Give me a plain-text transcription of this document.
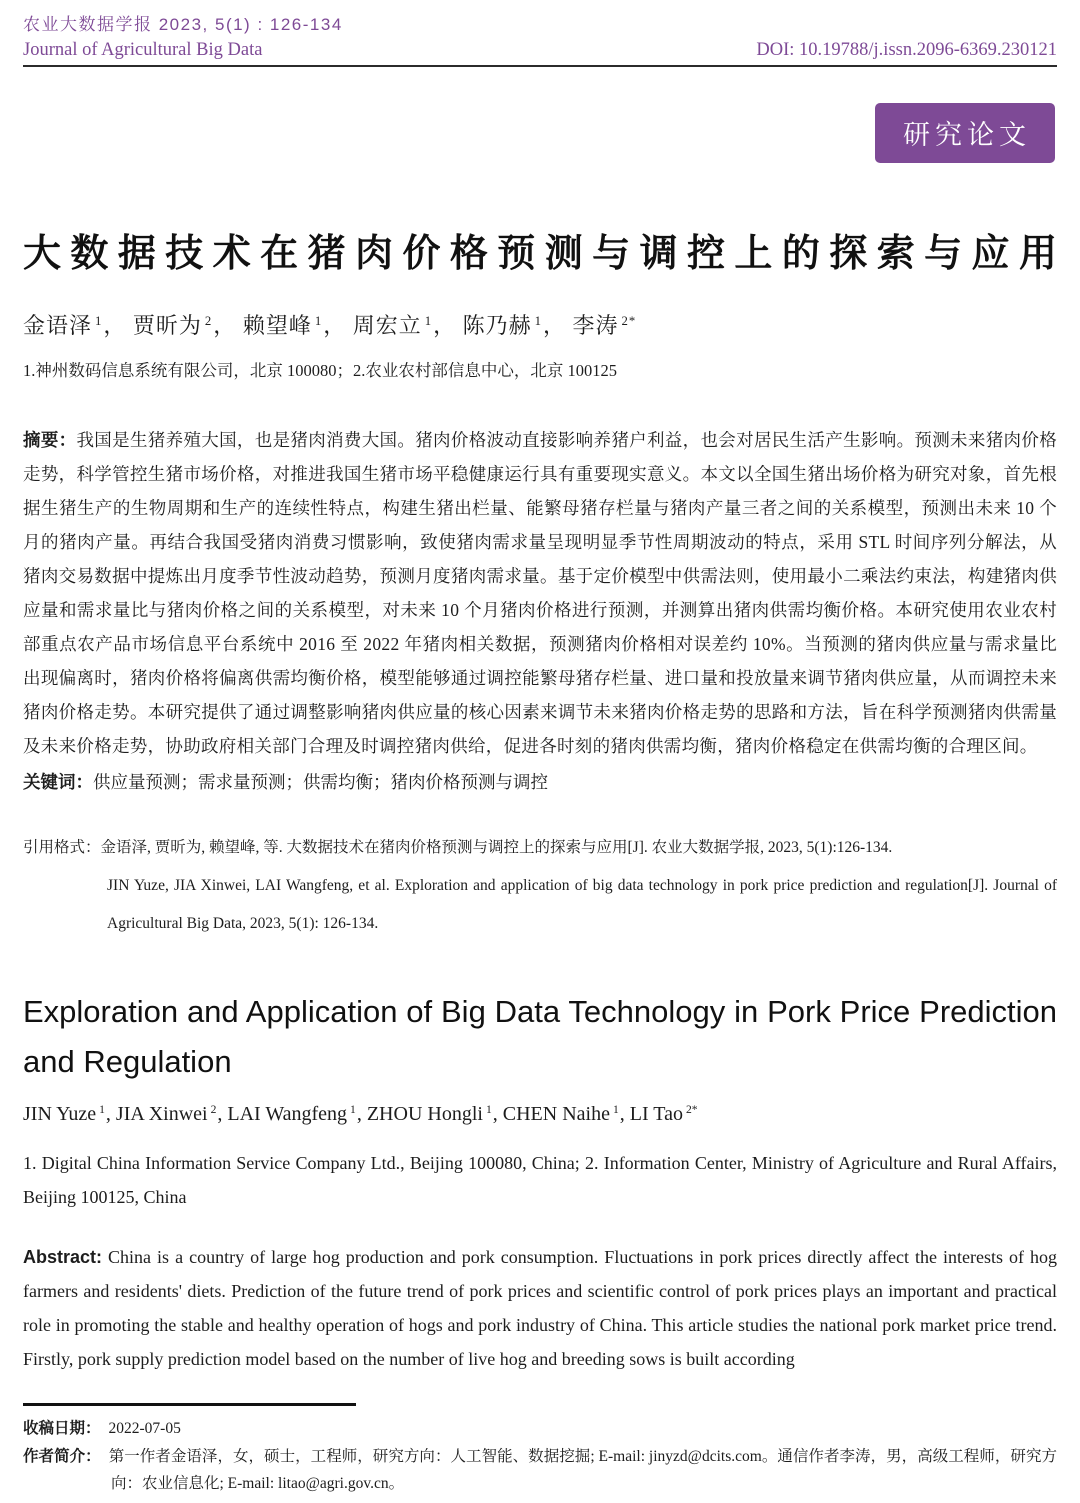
农业大数据学报 2023, 5(1) : 126-134
Journal of Agricultural Big Data	DOI: 10.19788/j.issn.2096-6369.230121
研究论文
大数据技术在猪肉价格预测与调控上的探索与应用
金语泽 $^1$， 贾昕为 $^2$， 赖望峰 $^1$， 周宏立 $^1$， 陈乃赫 $^1$， 李涛 $^{2*}$
1.神州数码信息系统有限公司，北京 100080；2.农业农村部信息中心，北京 100125

摘要：我国是生猪养殖大国，也是猪肉消费大国。猪肉价格波动直接影响养猪户利益，也会对居民生活产生影响。预测未来猪肉价格走势，科学管控生猪市场价格，对推进我国生猪市场平稳健康运行具有重要现实意义。本文以全国生猪出场价格为研究对象，首先根据生猪生产的生物周期和生产的连续性特点，构建生猪出栏量、能繁母猪存栏量与猪肉产量三者之间的关系模型，预测出未来 10 个月的猪肉产量。再结合我国受猪肉消费习惯影响，致使猪肉需求量呈现明显季节性周期波动的特点，采用 STL 时间序列分解法，从猪肉交易数据中提炼出月度季节性波动趋势，预测月度猪肉需求量。基于定价模型中供需法则，使用最小二乘法约束法，构建猪肉供应量和需求量比与猪肉价格之间的关系模型，对未来 10 个月猪肉价格进行预测，并测算出猪肉供需均衡价格。本研究使用农业农村部重点农产品市场信息平台系统中 2016 至 2022 年猪肉相关数据，预测猪肉价格相对误差约 10%。当预测的猪肉供应量与需求量比出现偏离时，猪肉价格将偏离供需均衡价格，模型能够通过调控能繁母猪存栏量、进口量和投放量来调节猪肉供应量，从而调控未来猪肉价格走势。本研究提供了通过调整影响猪肉供应量的核心因素来调节未来猪肉价格走势的思路和方法，旨在科学预测猪肉供需量及未来价格走势，协助政府相关部门合理及时调控猪肉供给，促进各时刻的猪肉供需均衡，猪肉价格稳定在供需均衡的合理区间。

关键词：供应量预测；需求量预测；供需均衡；猪肉价格预测与调控

引用格式：金语泽, 贾昕为, 赖望峰, 等. 大数据技术在猪肉价格预测与调控上的探索与应用[J]. 农业大数据学报, 2023, 5(1):126-134.
JIN Yuze, JIA Xinwei, LAI Wangfeng, et al. Exploration and application of big data technology in pork price prediction and regulation[J]. Journal of Agricultural Big Data, 2023, 5(1): 126-134.
Exploration and Application of Big Data Technology in Pork Price Prediction and Regulation
JIN Yuze $^1$, JIA Xinwei $^2$, LAI Wangfeng $^1$, ZHOU Hongli $^1$, CHEN Naihe $^1$, LI Tao $^{2*}$
1. Digital China Information Service Company Ltd., Beijing 100080, China; 2. Information Center, Ministry of Agriculture and Rural Affairs, Beijing 100125, China

Abstract: China is a country of large hog production and pork consumption. Fluctuations in pork prices directly affect the interests of hog farmers and residents' diets. Prediction of the future trend of pork prices and scientific control of pork prices plays an important and practical role in promoting the stable and healthy operation of hogs and pork industry of China. This article studies the national pork market price trend. Firstly, pork supply prediction model based on the number of live hog and breeding sows is built according

收稿日期： 2022-07-05
作者简介： 第一作者金语泽，女，硕士，工程师，研究方向：人工智能、数据挖掘; E-mail: jinyzd@dcits.com。通信作者李涛，男，高级工程师，研究方向：农业信息化; E-mail: litao@agri.gov.cn。
